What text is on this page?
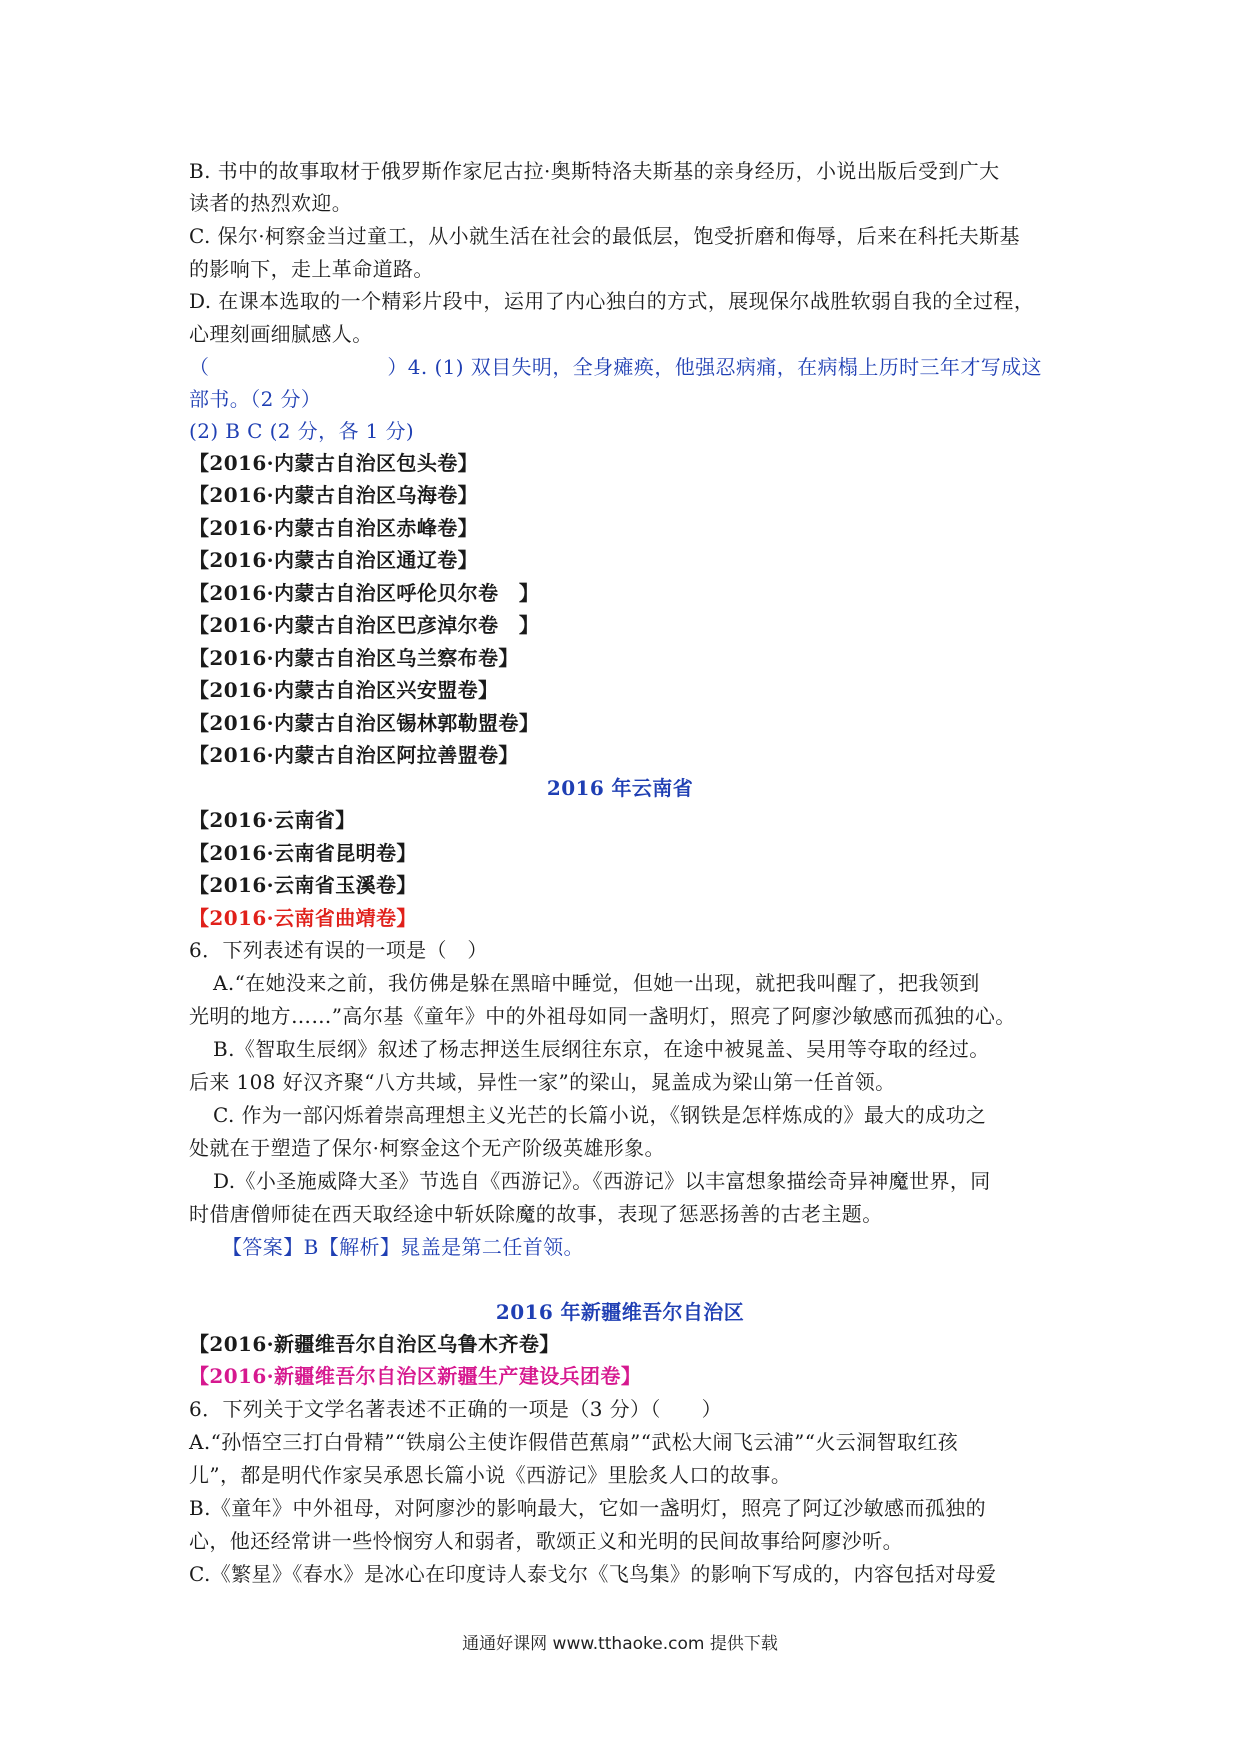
B. 书中的故事取材于俄罗斯作家尼古拉·奥斯特洛夫斯基的亲身经历，小说出版后受到广大
读者的热烈欢迎。
C. 保尔·柯察金当过童工，从小就生活在社会的最低层，饱受折磨和侮辱，后来在科托夫斯基
的影响下，走上革命道路。
D. 在课本选取的一个精彩片段中，运用了内心独白的方式，展现保尔战胜软弱自我的全过程，
心理刻画细腻感人。
（	）4. (1) 双目失明，全身瘫痪，他强忍病痛，在病榻上历时三年才写成这
部书。（2 分）
(2) B C (2 分，各 1 分)
【2016·内蒙古自治区包头卷】
【2016·内蒙古自治区乌海卷】
【2016·内蒙古自治区赤峰卷】
【2016·内蒙古自治区通辽卷】
【2016·内蒙古自治区呼伦贝尔卷　】
【2016·内蒙古自治区巴彦淖尔卷　】
【2016·内蒙古自治区乌兰察布卷】
【2016·内蒙古自治区兴安盟卷】
【2016·内蒙古自治区锡林郭勒盟卷】
【2016·内蒙古自治区阿拉善盟卷】
2016 年云南省
【2016·云南省】
【2016·云南省昆明卷】
【2016·云南省玉溪卷】
【2016·云南省曲靖卷】
6．下列表述有误的一项是（　）
A.“在她没来之前，我仿佛是躲在黑暗中睡觉，但她一出现，就把我叫醒了，把我领到
光明的地方……”高尔基《童年》中的外祖母如同一盏明灯，照亮了阿廖沙敏感而孤独的心。
B.《智取生辰纲》叙述了杨志押送生辰纲往东京，在途中被晁盖、吴用等夺取的经过。
后来 108 好汉齐聚“八方共域，异性一家”的梁山，晁盖成为梁山第一任首领。
C. 作为一部闪烁着崇高理想主义光芒的长篇小说，《钢铁是怎样炼成的》最大的成功之
处就在于塑造了保尔·柯察金这个无产阶级英雄形象。
D.《小圣施威降大圣》节选自《西游记》。《西游记》以丰富想象描绘奇异神魔世界，同
时借唐僧师徒在西天取经途中斩妖除魔的故事，表现了惩恶扬善的古老主题。
【答案】B【解析】晁盖是第二任首领。
2016 年新疆维吾尔自治区
【2016·新疆维吾尔自治区乌鲁木齐卷】
【2016·新疆维吾尔自治区新疆生产建设兵团卷】
6．下列关于文学名著表述不正确的一项是（3 分）（　　）
A.“孙悟空三打白骨精”“铁扇公主使诈假借芭蕉扇”“武松大闹飞云浦”“火云洞智取红孩
儿”，都是明代作家吴承恩长篇小说《西游记》里脍炙人口的故事。
B.《童年》中外祖母，对阿廖沙的影响最大，它如一盏明灯，照亮了阿辽沙敏感而孤独的
心，他还经常讲一些怜悯穷人和弱者，歌颂正义和光明的民间故事给阿廖沙听。
C.《繁星》《春水》是冰心在印度诗人泰戈尔《飞鸟集》的影响下写成的，内容包括对母爱
通通好课网 www.tthaoke.com 提供下载
